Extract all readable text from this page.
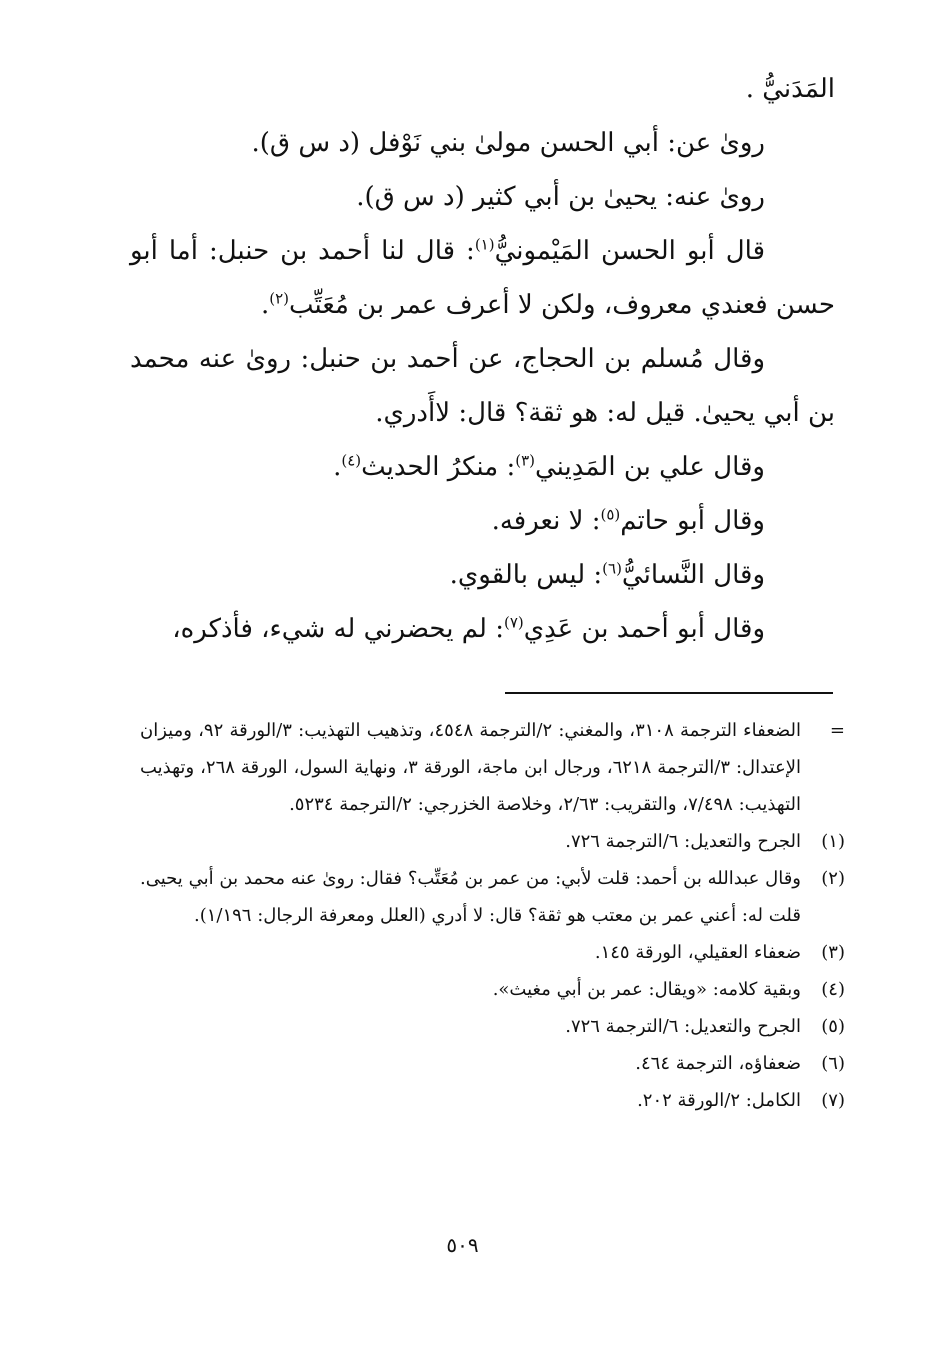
المَدَنيُّ .

رویٰ عن: أبي الحسن مولیٰ بني نَوْفل (د س ق).

رویٰ عنه: يحییٰ بن أبي كثير (د س ق).

قال أبو الحسن المَيْمونيُّ$^{(١)}$: قال لنا أحمد بن حنبل: أما أبو حسن فعندي معروف، ولكن لا أعرف عمر بن مُعَتِّب$^{(٢)}$.

وقال مُسلم بن الحجاج، عن أحمد بن حنبل: رویٰ عنه محمد بن أبي يحییٰ. قيل له: هو ثقة؟ قال: لاأَدري.

وقال علي بن المَدِيني$^{(٣)}$: منكرُ الحديث$^{(٤)}$.

وقال أبو حاتم$^{(٥)}$: لا نعرفه.

وقال النَّسائيُّ$^{(٦)}$: ليس بالقوي.

وقال أبو أحمد بن عَدِي$^{(٧)}$: لم يحضرني له شيء، فأذكره،

=
الضعفاء الترجمة ٣١٠٨، والمغني: ٢/الترجمة ٤٥٤٨، وتذهيب التهذيب: ٣/الورقة ٩٢، وميزان الإعتدال: ٣/الترجمة ٦٢١٨، ورجال ابن ماجة، الورقة ٣، ونهاية السول، الورقة ٢٦٨، وتهذيب التهذيب: ٧/٤٩٨، والتقريب: ٢/٦٣، وخلاصة الخزرجي: ٢/الترجمة ٥٢٣٤.
(١)
الجرح والتعديل: ٦/الترجمة ٧٢٦.
(٢)
وقال عبدالله بن أحمد: قلت لأبي: من عمر بن مُعَتِّب؟ فقال: رویٰ عنه محمد بن أبي يحيی. قلت له: أعني عمر بن معتب هو ثقة؟ قال: لا أدري (العلل ومعرفة الرجال: ١/١٩٦).
(٣)
ضعفاء العقيلي، الورقة ١٤٥.
(٤)
وبقية كلامه: «ويقال: عمر بن أبي مغيث».
(٥)
الجرح والتعديل: ٦/الترجمة ٧٢٦.
(٦)
ضعفاؤه، الترجمة ٤٦٤.
(٧)
الكامل: ٢/الورقة ٢٠٢.
٥٠٩
